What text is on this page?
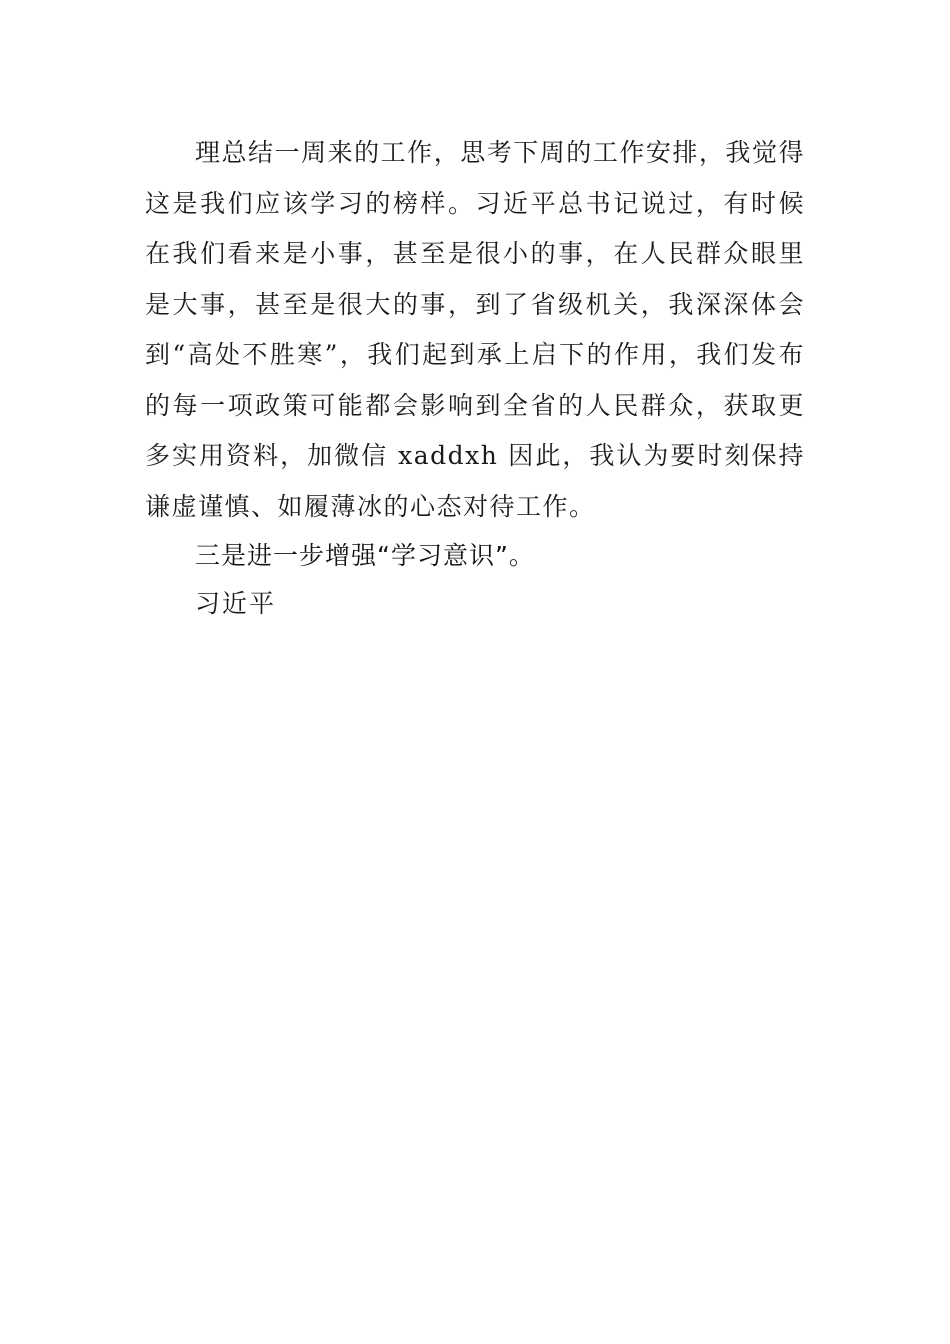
理总结一周来的工作，思考下周的工作安排，我觉得这是我们应该学习的榜样。习近平总书记说过，有时候在我们看来是小事，甚至是很小的事，在人民群众眼里是大事，甚至是很大的事，到了省级机关，我深深体会到“高处不胜寒”，我们起到承上启下的作用，我们发布的每一项政策可能都会影响到全省的人民群众，获取更多实用资料，加微信 xaddxh 因此，我认为要时刻保持谦虚谨慎、如履薄冰的心态对待工作。

三是进一步增强“学习意识”。

习近平
